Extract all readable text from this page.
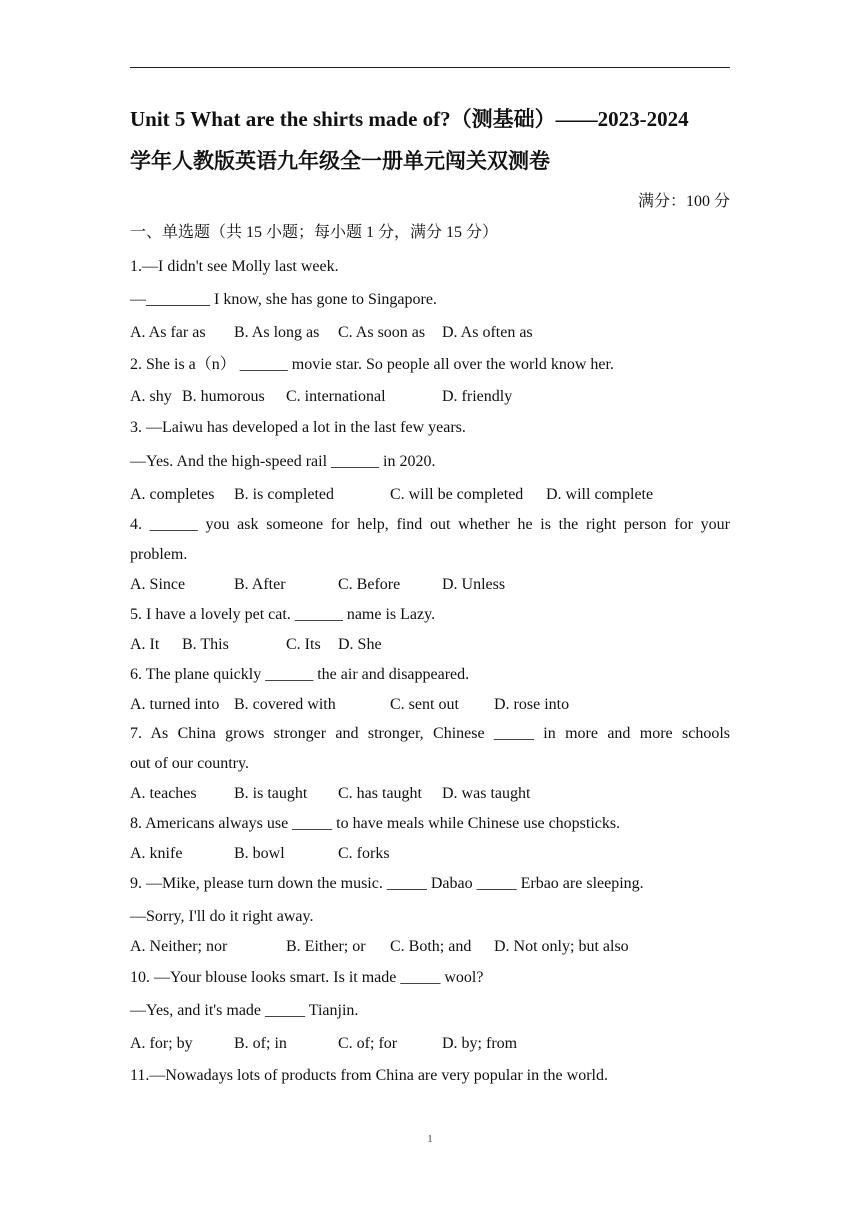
Unit 5 What are the shirts made of?（测基础）——2023-2024
学年人教版英语九年级全一册单元闯关双测卷
满分：100 分
一、单选题（共 15 小题；每小题 1 分，满分 15 分）
1.—I didn't see Molly last week.
—________ I know, she has gone to Singapore.
A. As far as B. As long as C. As soon as D. As often as
2. She is a（n） ______ movie star. So people all over the world know her.
A. shy B. humorous C. international	D. friendly
3. —Laiwu has developed a lot in the last few years.
—Yes. And the high-speed rail ______ in 2020.
A. completes B. is completed	C. will be completed D. will complete
4. ______ you ask someone for help, find out whether he is the right person for your
problem.
A. Since	B. After	C. Before	D. Unless
5. I have a lovely pet cat. ______ name is Lazy.
A. It B. This	C. Its D. She
6. The plane quickly ______ the air and disappeared.
A. turned into B. covered with	C. sent out D. rose into
7. As China grows stronger and stronger, Chinese _____ in more and more schools
out of our country.
A. teaches B. is taught C. has taught D. was taught
8. Americans always use _____ to have meals while Chinese use chopsticks.
A. knife	B. bowl	C. forks
9. —Mike, please turn down the music. _____ Dabao _____ Erbao are sleeping.
—Sorry, I'll do it right away.
A. Neither; nor	B. Either; or C. Both; and D. Not only; but also
10. —Your blouse looks smart. Is it made _____ wool?
—Yes, and it's made _____ Tianjin.
A. for; by	B. of; in	C. of; for	D. by; from
11.—Nowadays lots of products from China are very popular in the world.
1
